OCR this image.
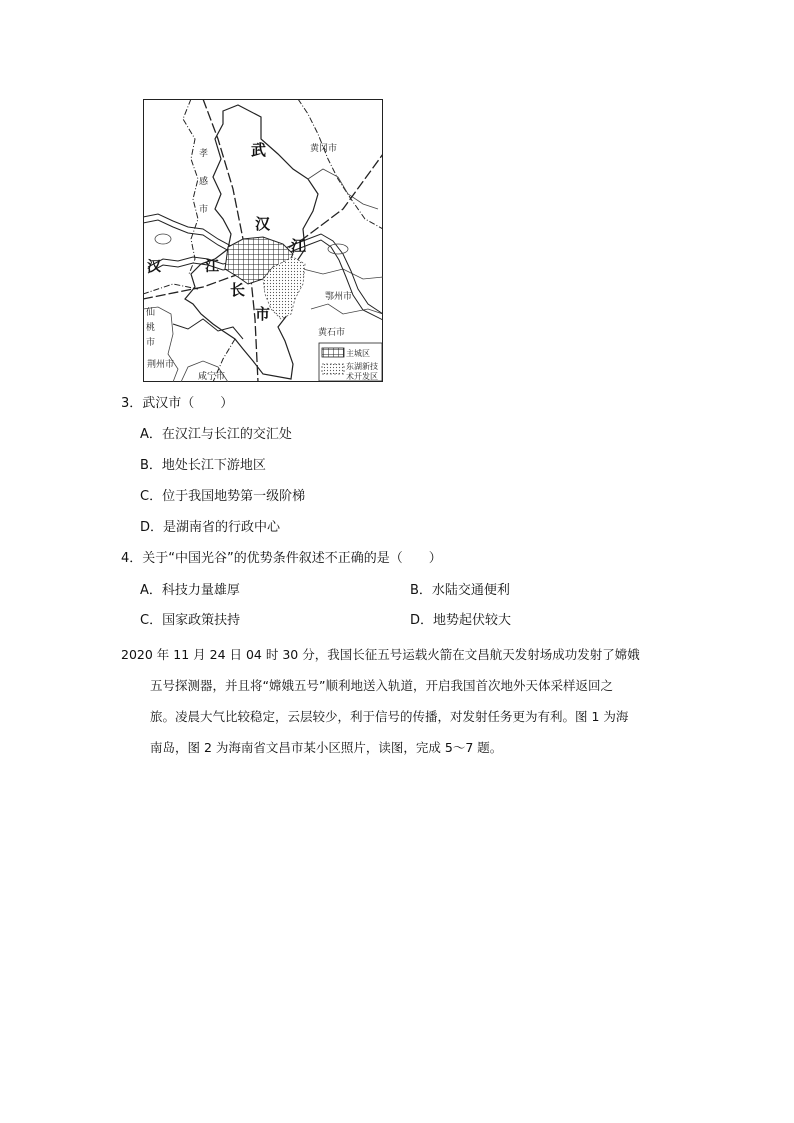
武	黄冈市
孝
感
市
汉
江
汉	江
长
市
鄂州市
黄石市
仙
桃
市
荆州市
咸宁市
主城区
东湖新技
术开发区
3．武汉市（　　）
A．在汉江与长江的交汇处
B．地处长江下游地区
C．位于我国地势第一级阶梯
D．是湖南省的行政中心
4．关于“中国光谷”的优势条件叙述不正确的是（　　）
A．科技力量雄厚	B．水陆交通便利
C．国家政策扶持	D．地势起伏较大
2020 年 11 月 24 日 04 时 30 分，我国长征五号运载火箭在文昌航天发射场成功发射了嫦娥
五号探测器，并且将“嫦娥五号”顺利地送入轨道，开启我国首次地外天体采样返回之
旅。凌晨大气比较稳定，云层较少，利于信号的传播，对发射任务更为有利。图 1 为海
南岛，图 2 为海南省文昌市某小区照片，读图，完成 5～7 题。
